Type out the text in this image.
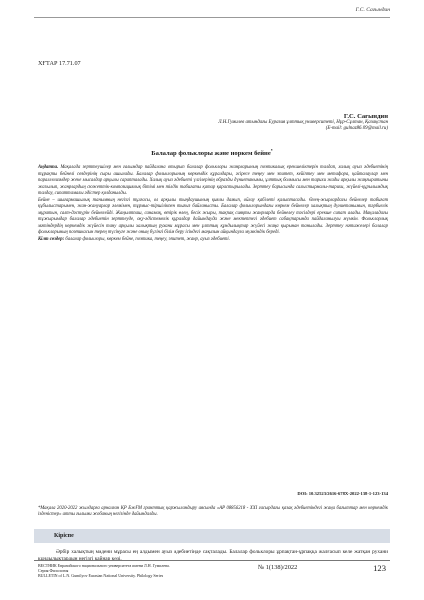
Г.С. Сағындин
ХҒТАР 17.71.07
Г.С. Сағындин
Л.Н.Гумилев атындағы Еуразия ұлттық университеті, Нұр-Сұлтан, Қазақстан
(E-mail: gulnaz86.09@mail.ru)
Балалар фольклоры және норкем бейне*

Аңдатпа. Мақалада зерттеушілер мен ғалымдар пайдалана отырып балалар фольклоры жанрларының поэтикалық ерекшеліктерін талдап, халық ауыз әдебиетінің тұрақты бейнелі сөздерінің сыры ашылады. Балалар фольклорының көркемдік құралдары, әсіресе теңеу мен эпитет, кейіптеу мен метафора, қайталаулар мен параллелизмдер жеке мысалдар арқылы сарапталады. Халық ауыз әдебиеті үлгілерінің образды дүниетанымы, ұлттық болмысы мен тарихи жады арқылы жаңғыратыны жазылып, жанрлардың сюжеттік-композициялық бітімі мен тілдік табиғаты қатар қарастырылады. Зерттеу барысында салыстырмалы-тарихи, жүйелі-құрылымдық талдау, сипаттамалы әдістер қолданылды.

Бейне – шығармашылық танымның негізгі тұлғасы, ол арқылы тыңдаушының қиялы дамып, ойлау қабілеті қалыптасады. Өлең-жырлардағы бейнелер табиғат құбылыстарымен, жан-жануарлар әлемімен, тұрмыс-тіршілікпен тығыз байланысты. Балалар фольклорындағы көркем бейнелер халықтың дүниетанымын, тәрбиелік мұратын, салт-дәстүрін бейнелейді. Жаңылтпаш, санамақ, өтірік өлең, бесік жыры, тақпақ сияқты жанрларда бейнелеу тәсілдері ерекше сипат алады. Мақаладағы тұжырымдар балалар әдебиетін зерттеуде, оқу-әдістемелік құралдар дайындауда және мектептегі әдебиет сабақтарында пайдаланылуы мүмкін. Фольклорлық мәтіндердің көркемдік жүйесін тану арқылы халықтың рухани мұрасы мен ұлттық құндылықтар жүйесі жаңа қырынан танылады. Зерттеу нәтижелері балалар фольклорының поэтикасын терең түсінуге және оның бүгінгі білім беру ісіндегі маңызын айқындауға мүмкіндік береді.

Кілт сөздер: балалар фольклоры, көркем бейне, поэтика, теңеу, эпитет, жанр, ауыз әдебиеті.

DOI: 10.32523/2616-678X-2022-138-1-123-134
*Мақала 2020-2022 жылдарға арналған ҚР БжҒМ гранттық қаржыландыру аясында «AP 08856218 - XXI ғасырдағы қазақ әдебиетіндегі жаңа бағыттар мен көркемдік ізденістер» атты ғылыми жобаның негізінде дайындалды.
Кіріспе

Әрбір халықтың мәдени мұрасы ең алдымен ауыз әдебиетінде сақталады. Балалар фольклоры ұрпақтан-ұрпаққа жалғасып келе жатқан рухани құндылықтардың негізгі қайнар көзі.

ВЕСТНИК Евразийского национального университета имени Л.Н. Гумилева.
Серия Филология
BULLETIN of L.N. Gumilyov Eurasian National University. Philology Series
№ 1(138)/2022	123
